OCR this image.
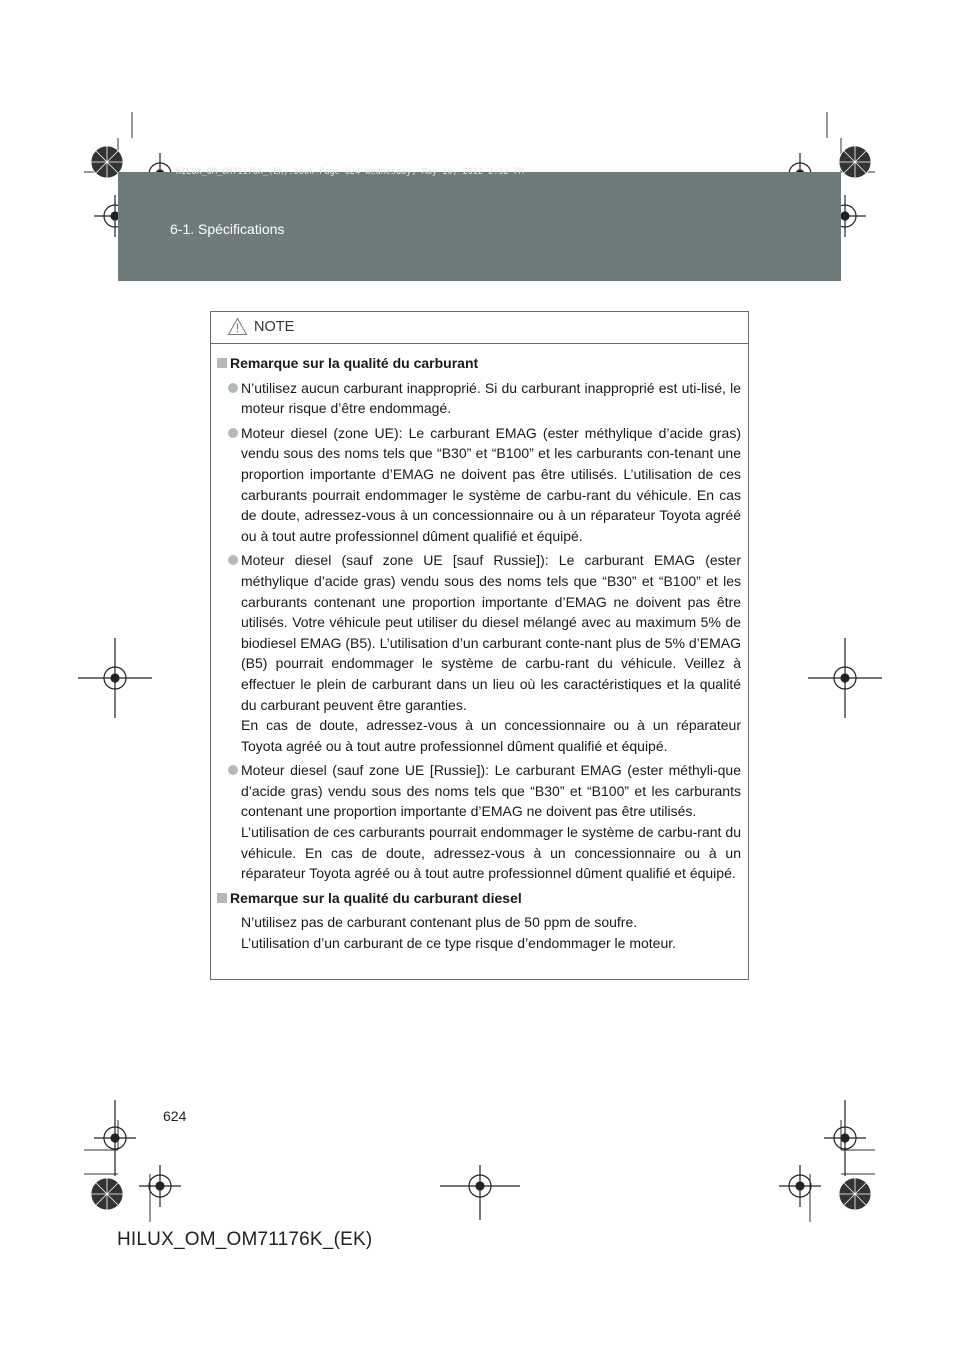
6-1. Spécifications
HILUX_OM_OM71176K_(EK).book Page 624 Wednesday, May 16, 2012 2:32 PM
NOTE
Remarque sur la qualité du carburant

N’utilisez aucun carburant inapproprié. Si du carburant inapproprié est uti-lisé, le moteur risque d’être endommagé.

Moteur diesel (zone UE): Le carburant EMAG (ester méthylique d’acide gras) vendu sous des noms tels que “B30” et “B100” et les carburants con-tenant une proportion importante d’EMAG ne doivent pas être utilisés. L’utilisation de ces carburants pourrait endommager le système de carbu-rant du véhicule. En cas de doute, adressez-vous à un concessionnaire ou à un réparateur Toyota agréé ou à tout autre professionnel dûment qualifié et équipé.

Moteur diesel (sauf zone UE [sauf Russie]): Le carburant EMAG (ester méthylique d’acide gras) vendu sous des noms tels que “B30” et “B100” et les carburants contenant une proportion importante d’EMAG ne doivent pas être utilisés. Votre véhicule peut utiliser du diesel mélangé avec au maximum 5% de biodiesel EMAG (B5). L’utilisation d’un carburant conte-nant plus de 5% d’EMAG (B5) pourrait endommager le système de carbu-rant du véhicule. Veillez à effectuer le plein de carburant dans un lieu où les caractéristiques et la qualité du carburant peuvent être garanties.

En cas de doute, adressez-vous à un concessionnaire ou à un réparateur Toyota agréé ou à tout autre professionnel dûment qualifié et équipé.

Moteur diesel (sauf zone UE [Russie]): Le carburant EMAG (ester méthyli-que d’acide gras) vendu sous des noms tels que “B30” et “B100” et les carburants contenant une proportion importante d’EMAG ne doivent pas être utilisés.

L’utilisation de ces carburants pourrait endommager le système de carbu-rant du véhicule. En cas de doute, adressez-vous à un concessionnaire ou à un réparateur Toyota agréé ou à tout autre professionnel dûment qualifié et équipé.

Remarque sur la qualité du carburant diesel

N’utilisez pas de carburant contenant plus de 50 ppm de soufre.

L’utilisation d’un carburant de ce type risque d’endommager le moteur.

624
HILUX_OM_OM71176K_(EK)
